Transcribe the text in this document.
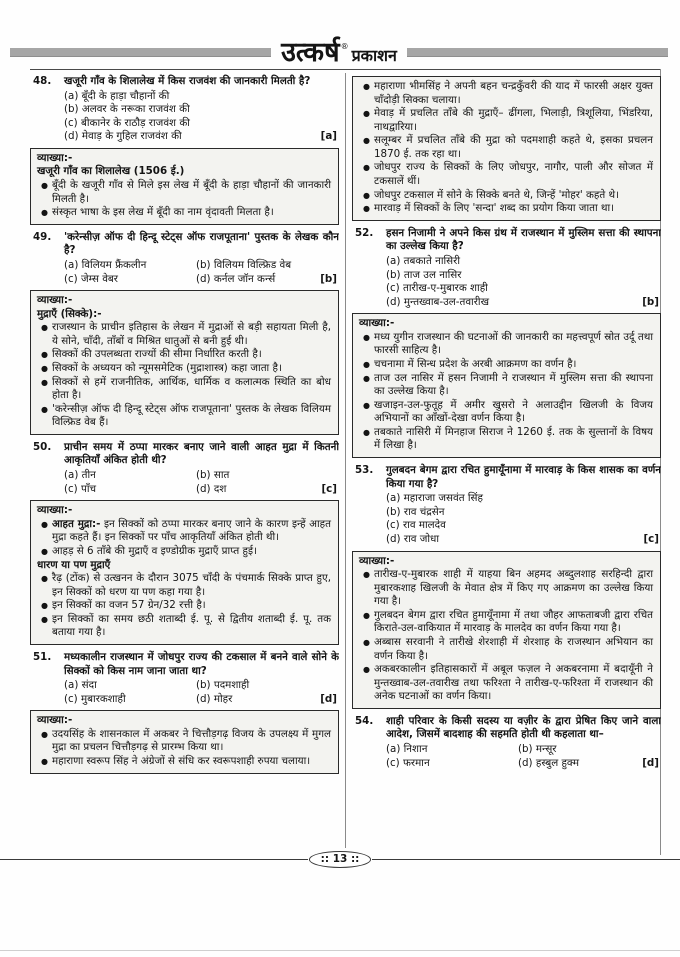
उत्कर्ष ® प्रकाशन
48.	खजूरी गाँव के शिलालेख में किस राजवंश की जानकारी मिलती है?
(a) बूँदी के हाड़ा चौहानों की
(b) अलवर के नरूका राजवंश की
(c) बीकानेर के राठौड़ राजवंश की
(d) मेवाड़ के गुहिल राजवंश की	[a]
व्याख्या:-
खजूरी गाँव का शिलालेख (1506 ई.)
● बूँदी के खजूरी गाँव से मिले इस लेख में बूँदी के हाड़ा चौहानों की जानकारी मिलती है।
● संस्कृत भाषा के इस लेख में बूँदी का नाम वृंदावती मिलता है।
49.	'करेन्सीज़ ऑफ दी हिन्दू स्टेट्स ऑफ राजपूताना' पुस्तक के लेखक कौन है?
(a) विलियम फ्रैंकलीन	(b) विलियम विल्फ्रिड वेब
(c) जेम्स वेबर	(d) कर्नल जॉन कर्न्स	[b]
व्याख्या:-
मुद्राएँ (सिक्के):-
● राजस्थान के प्राचीन इतिहास के लेखन में मुद्राओं से बड़ी सहायता मिली है, ये सोने, चाँदी, ताँबों व मिश्रित धातुओं से बनी हुई थी।
● सिक्कों की उपलब्धता राज्यों की सीमा निर्धारित करती है।
● सिक्कों के अध्ययन को न्यूमसमेटिक (मुद्राशास्त्र) कहा जाता है।
● सिक्कों से हमें राजनीतिक, आर्थिक, धार्मिक व कलात्मक स्थिति का बोध होता है।
● 'करेन्सीज़ ऑफ दी हिन्दू स्टेट्स ऑफ राजपूताना' पुस्तक के लेखक विलियम विल्फ्रिड वेब हैं।
50.	प्राचीन समय में ठप्पा मारकर बनाए जाने वाली आहत मुद्रा में कितनी आकृतियाँ अंकित होती थी?
(a) तीन	(b) सात
(c) पाँच	(d) दश	[c]
व्याख्या:-
● आहत मुद्रा:- इन सिक्कों को ठप्पा मारकर बनाए जाने के कारण इन्हें आहत मुद्रा कहते हैं। इन सिक्कों पर पाँच आकृतियाँ अंकित होती थी।
● आहड़ से 6 ताँबे की मुद्राएँ व इण्डोग्रीक मुद्राएँ प्राप्त हुई।
धारण या पण मुद्राएँ
● रैढ़ (टोंक) से उत्खनन के दौरान 3075 चाँदी के पंचमार्क सिक्के प्राप्त हुए, इन सिक्कों को धरण या पण कहा गया है।
● इन सिक्कों का वजन 57 ग्रेन/32 रत्ती है।
● इन सिक्कों का समय छठी शताब्दी ई. पू. से द्वितीय शताब्दी ई. पू. तक बताया गया है।
51.	मध्यकालीन राजस्थान में जोधपुर राज्य की टकसाल में बनने वाले सोने के सिक्कों को किस नाम जाना जाता था?
(a) संदा	(b) पदमशाही
(c) मुबारकशाही	(d) मोहर	[d]
व्याख्या:-
● उदयसिंह के शासनकाल में अकबर ने चित्तौड़गढ़ विजय के उपलक्ष्य में मुगल मुद्रा का प्रचलन चित्तौड़गढ़ से प्रारम्भ किया था।
● महाराणा स्वरूप सिंह ने अंग्रेजों से संधि कर स्वरूपशाही रुपया चलाया।
● महाराणा भीमसिंह ने अपनी बहन चन्द्रकुँवरी की याद में फारसी अक्षर युक्त चाँदोड़ी सिक्का चलाया।
● मेवाड़ में प्रचलित ताँबे की मुद्राएँ– ढींगला, भिलाड़ी, त्रिशूलिया, भिंडरिया, नाथद्वारिया।
● सलूम्बर में प्रचलित ताँबे की मुद्रा को पदमशाही कहते थे, इसका प्रचलन 1870 ई. तक रहा था।
● जोधपुर राज्य के सिक्कों के लिए जोधपुर, नागौर, पाली और सोजत में टकसालें थीं।
● जोधपुर टकसाल में सोने के सिक्के बनते थे, जिन्हें 'मोहर' कहते थे।
● मारवाड़ में सिक्कों के लिए 'सन्दा' शब्द का प्रयोग किया जाता था।
52.	हसन निजामी ने अपने किस ग्रंथ में राजस्थान में मुस्लिम सत्ता की स्थापना का उल्लेख किया है?
(a) तबकाते नासिरी
(b) ताज उल नासिर
(c) तारीख-ए-मुबारक शाही
(d) मुन्तख्वाब-उल-तवारीख	[b]
व्याख्या:-
● मध्य युगीन राजस्थान की घटनाओं की जानकारी का महत्त्वपूर्ण स्रोत उर्दू तथा फारसी साहित्य है।
● चचनामा में सिन्ध प्रदेश के अरबी आक्रमण का वर्णन है।
● ताज उल नासिर में हसन निजामी ने राजस्थान में मुस्लिम सत्ता की स्थापना का उल्लेख किया है।
● खजाइन-उल-फुतूह में अमीर खुसरो ने अलाउद्दीन खिलजी के विजय अभियानों का आँखों-देखा वर्णन किया है।
● तबकाते नासिरी में मिनहाज सिराज ने 1260 ई. तक के सुल्तानों के विषय में लिखा है।
53.	गुलबदन बेगम द्वारा रचित हुमायूँनामा में मारवाड़ के किस शासक का वर्णन किया गया है?
(a) महाराजा जसवंत सिंह
(b) राव चंद्रसेन
(c) राव मालदेव
(d) राव जोधा	[c]
व्याख्या:-
● तारीख-ए-मुबारक शाही में याहया बिन अहमद अब्दुलशाह सरहिन्दी द्वारा मुबारकशाह खिलजी के मेवात क्षेत्र में किए गए आक्रमण का उल्लेख किया गया है।
● गुलबदन बेगम द्वारा रचित हुमायूँनामा में तथा जौहर आफताबजी द्वारा रचित किराते-उल-वाकियात में मारवाड़ के मालदेव का वर्णन किया गया है।
● अब्बास सरवानी ने तारीखे शेरशाही में शेरशाह के राजस्थान अभियान का वर्णन किया है।
● अकबरकालीन इतिहासकारों में अबूल फज़ल ने अकबरनामा में बदायूँनी ने मुन्तख्वाब-उल-तवारीख तथा फरिश्ता ने तारीख-ए-फरिश्ता में राजस्थान की अनेक घटनाओं का वर्णन किया।
54.	शाही परिवार के किसी सदस्य या वज़ीर के द्वारा प्रेषित किए जाने वाला आदेश, जिसमें बादशाह की सहमति होती थी कहलाता था–
(a) निशान	(b) मन्सूर
(c) फरमान	(d) हस्बुल हुक्म	[d]
:: 13 ::
